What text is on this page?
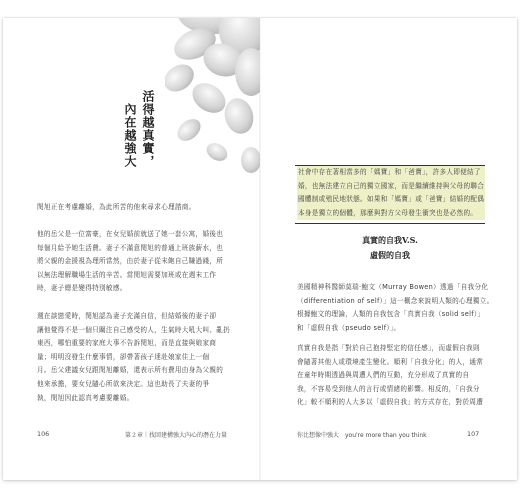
活得越真實，
內在越強大
閔旭正在考慮離婚，為此所苦的他來尋求心理諮商。
他的岳父是一位富豪，在女兒婚前就送了她一套公寓，婚後也
每個月給予她生活費。妻子不滿意閔旭的普通上班族薪水，也
將父親的金援視為理所當然，由於妻子從未飽自己賺過錢，所
以無法理解職場生活的辛苦。當閔旭需要加班或在週末工作
時，妻子總是變得特別敏感。
週在談戀愛時，閔旭認為妻子充滿自信，但結婚後的妻子卻
讓他覺得不是一個只關注自己感受的人，生氣時大吼大叫、亂扔
東西，哪怕重要的家庭大事不告訴閔旭，而是直接與娘家商
量；明明沒發生什麼事情，卻帶著孩子達赴娘家住上一個
月。岳父建議女兒跟閔旭離婚，還表示所有費用由身為父親的
他來承擔，要女兒隨心所欲來決定。這也助長了夫妻的爭
執，閔旭因此認真考慮要離婚。
106	第２章｜找回建構強大內心的潛在力量
社會中存在著相當多的「媽寶」和「爸寶」，許多人即便結了
婚，也無法建立自己的獨立國家，而是繼續維持與父母的聯合
國體制或殖民地狀態。如果和「媽寶」或「爸寶」結婚的配偶
本身是獨立的個體，那麼與對方父母發生衝突也是必然的。
真實的自我V.S.
虛假的自我
美國精神科醫師莫瑞·鮑文（Murray Bowen）透過「自我分化
（differentiation of self）」這一概念來說明人類的心理獨立。
根據鮑文的理論，人類的自我包含「真實自我（solid self）」
和「虛假自我（pseudo self）」。
真實自我是指「對於自己抱持堅定的信任感」，而虛假自我則
會隨著其他人或環境產生變化。順利「自我分化」的人，通常
在童年時期透過與周遭人們的互動，充分形成了真實的自
我，不容易受到他人的言行或情緒的影響。相反的，「自我分
化」較不順利的人大多以「虛假自我」的方式存在，對於周遭
你比想像中強大　you're more than you think	107
